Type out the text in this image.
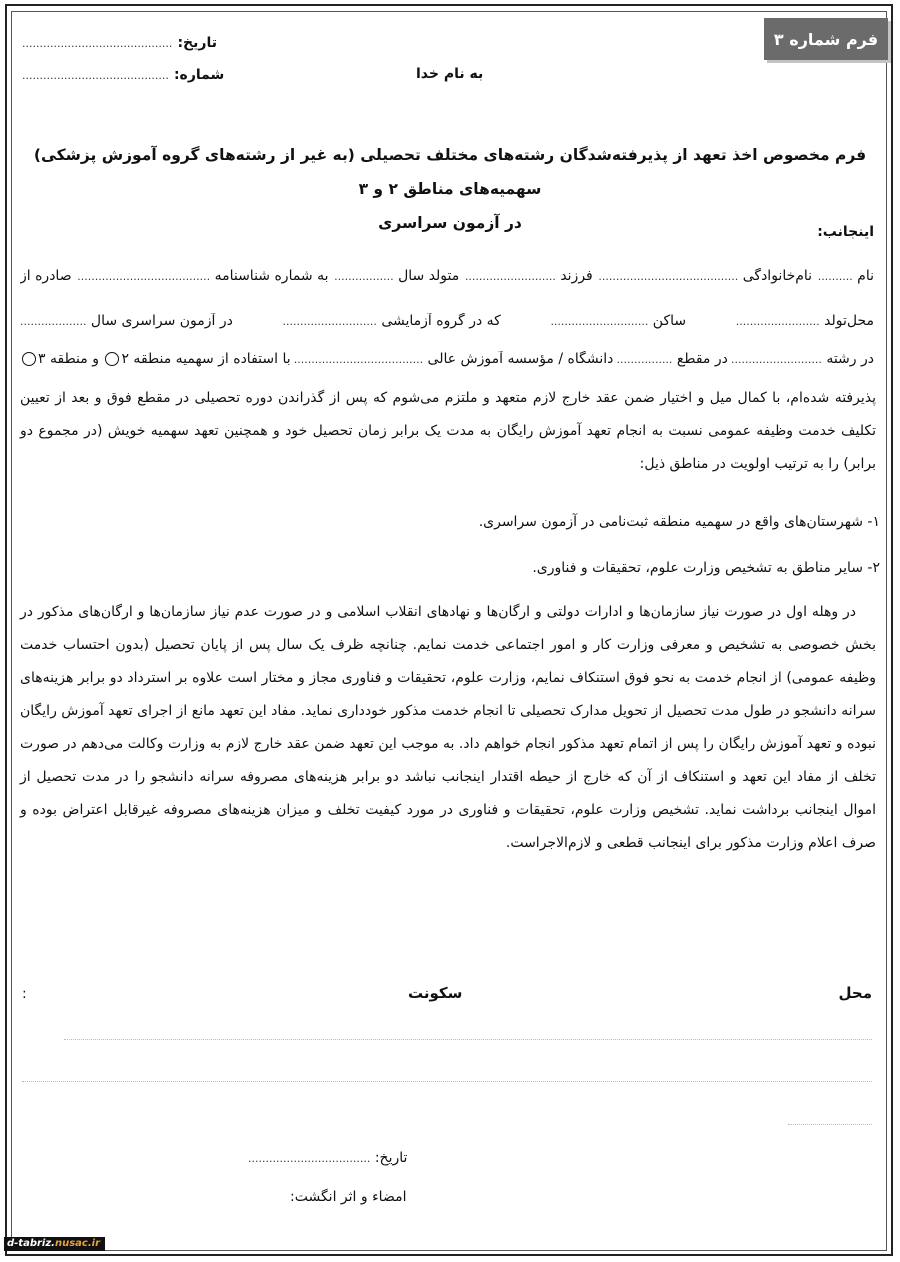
فرم شماره ۳
تاریخ: ...........................................
شماره: ..........................................	به نام خدا
فرم مخصوص اخذ تعهد از پذیرفته‌شدگان رشته‌های مختلف تحصیلی (به غیر از رشته‌های گروه آموزش پزشکی) سهمیه‌های مناطق ۲ و ۳
در آزمون سراسری	اینجانب:
نام ..........
نام‌خانوادگی ........................................
فرزند ..........................
متولد سال .................
به شماره شناسنامه ......................................
صادره از
محل‌تولد ........................
ساکن ............................
که در گروه آزمایشی ...........................
در آزمون سراسری سال ...................
در رشته ..........................
در مقطع ................
دانشگاه / مؤسسه آموزش عالی .....................................
با استفاده از سهمیه منطقه ۲ و منطقه ۳
پذیرفته شده‌ام، با کمال میل و اختیار ضمن عقد خارج لازم متعهد و ملتزم می‌شوم که پس از گذراندن دوره تحصیلی در مقطع فوق و بعد از تعیین تکلیف خدمت وظیفه عمومی نسبت به انجام تعهد آموزش رایگان به مدت یک برابر زمان تحصیل خود و همچنین تعهد سهمیه خویش (در مجموع دو برابر) را به ترتیب اولویت در مناطق ذیل:
۱- شهرستان‌های واقع در سهمیه منطقه ثبت‌نامی در آزمون سراسری.
۲- سایر مناطق به تشخیص وزارت علوم، تحقیقات و فناوری.
در وهله اول در صورت نیاز سازمان‌ها و ادارات دولتی و ارگان‌ها و نهادهای انقلاب اسلامی و در صورت عدم نیاز سازمان‌ها و ارگان‌های مذکور در بخش خصوصی به تشخیص و معرفی وزارت کار و امور اجتماعی خدمت نمایم. چنانچه ظرف یک سال پس از پایان تحصیل (بدون احتساب خدمت وظیفه عمومی) از انجام خدمت به نحو فوق استنکاف نمایم، وزارت علوم، تحقیقات و فناوری مجاز و مختار است علاوه بر استرداد دو برابر هزینه‌های سرانه دانشجو در طول مدت تحصیل از تحویل مدارک تحصیلی تا انجام خدمت مذکور خودداری نماید. مفاد این تعهد مانع از اجرای تعهد آموزش رایگان نبوده و تعهد آموزش رایگان را پس از اتمام تعهد مذکور انجام خواهم داد. به موجب این تعهد ضمن عقد خارج لازم به وزارت وکالت می‌دهم در صورت تخلف از مفاد این تعهد و استنکاف از آن که خارج از حیطه اقتدار اینجانب نباشد دو برابر هزینه‌های مصروفه سرانه دانشجو را در مدت تحصیل از اموال اینجانب برداشت نماید. تشخیص وزارت علوم، تحقیقات و فناوری در مورد کیفیت تخلف و میزان هزینه‌های مصروفه غیرقابل اعتراض بوده و صرف اعلام وزارت مذکور برای اینجانب قطعی و لازم‌الاجراست.
محل
سکونت
:
تاریخ: ...................................
امضاء و اثر انگشت:
d-tabriz.nusac.ir
